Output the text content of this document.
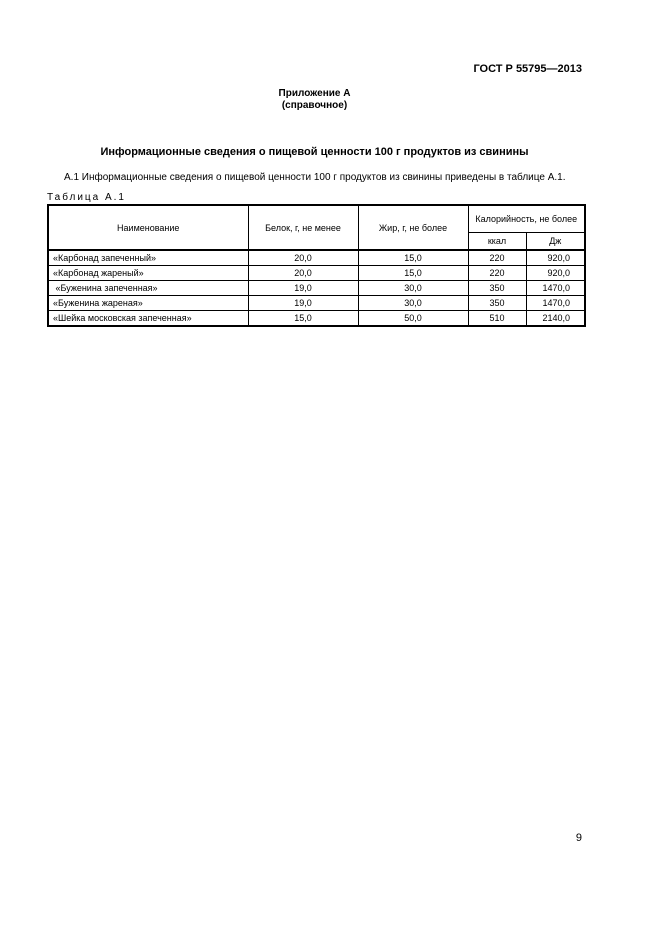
ГОСТ Р 55795—2013
Приложение А
(справочное)
Информационные сведения о пищевой ценности 100 г продуктов из свинины
А.1 Информационные сведения о пищевой ценности 100 г продуктов из свинины приведены в таблице А.1.
Таблица А.1
Наименование	Белок, г, не менее	Жир, г, не более	Калорийность, не более	
			ккал	Дж
«Карбонад запеченный»	20,0	15,0	220	920,0
«Карбонад жареный»	20,0	15,0	220	920,0
«Буженина запеченная»	19,0	30,0	350	1470,0
«Буженина жареная»	19,0	30,0	350	1470,0
«Шейка московская запеченная»	15,0	50,0	510	2140,0
9
